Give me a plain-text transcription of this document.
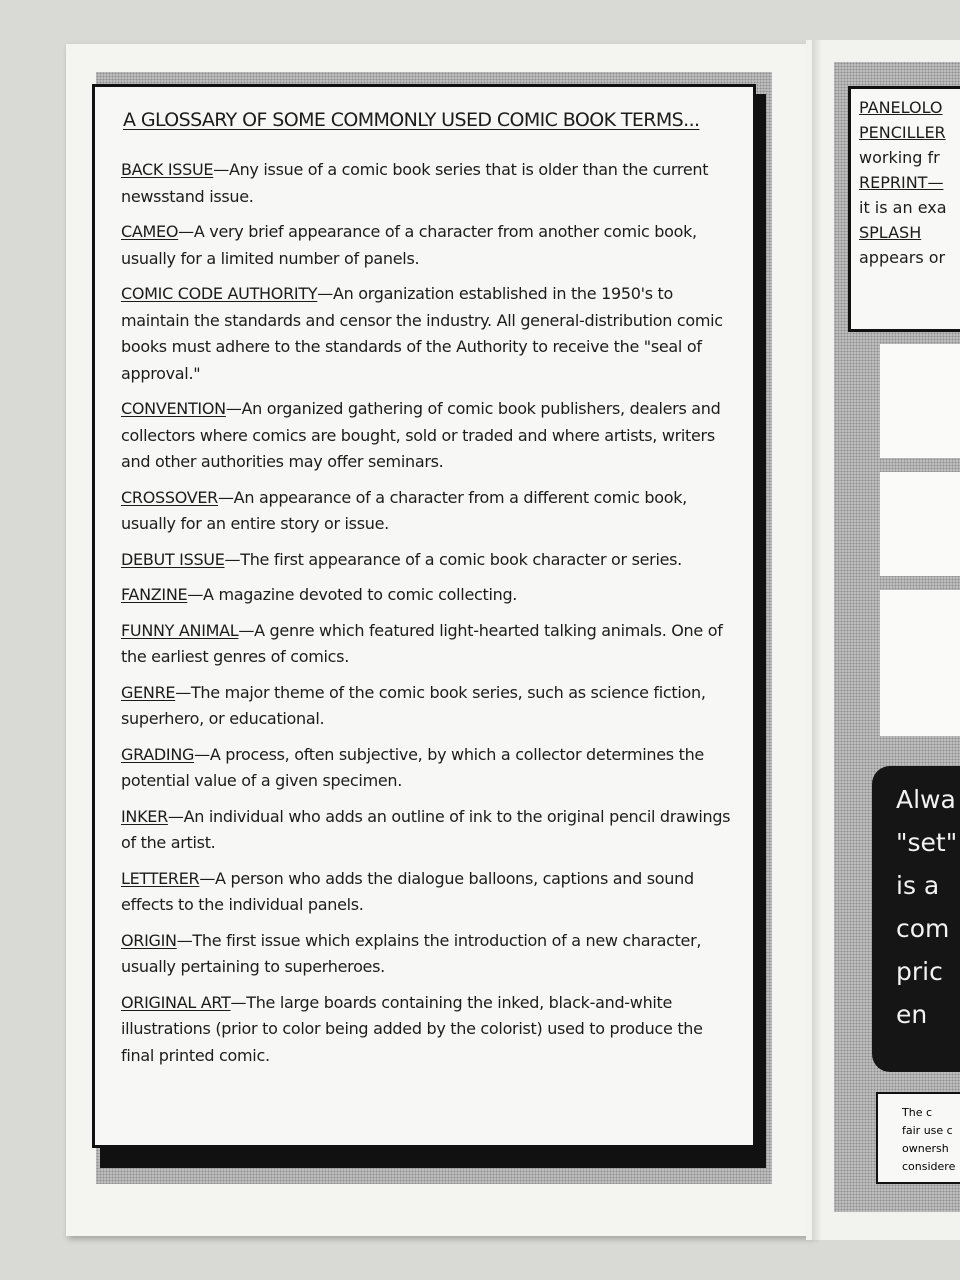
A GLOSSARY OF SOME COMMONLY USED COMIC BOOK TERMS...

BACK ISSUE—Any issue of a comic book series that is older than the current newsstand issue.

CAMEO—A very brief appearance of a character from another comic book, usually for a limited number of panels.

COMIC CODE AUTHORITY—An organization established in the 1950's to maintain the standards and censor the industry. All general-distribution comic books must adhere to the standards of the Authority to receive the "seal of approval."

CONVENTION—An organized gathering of comic book publishers, dealers and collectors where comics are bought, sold or traded and where artists, writers and other authorities may offer seminars.

CROSSOVER—An appearance of a character from a different comic book, usually for an entire story or issue.

DEBUT ISSUE—The first appearance of a comic book character or series.

FANZINE—A magazine devoted to comic collecting.

FUNNY ANIMAL—A genre which featured light-hearted talking animals. One of the earliest genres of comics.

GENRE—The major theme of the comic book series, such as science fiction, superhero, or educational.

GRADING—A process, often subjective, by which a collector determines the potential value of a given specimen.

INKER—An individual who adds an outline of ink to the original pencil drawings of the artist.

LETTERER—A person who adds the dialogue balloons, captions and sound effects to the individual panels.

ORIGIN—The first issue which explains the introduction of a new character, usually pertaining to superheroes.

ORIGINAL ART—The large boards containing the inked, black-and-white illustrations (prior to color being added by the colorist) used to produce the final printed comic.

PANELOLO
PENCILLER
working fr
REPRINT—
it is an exa
SPLASH
appears or
Alwa
"set"
is a
com
pric
en
The c
fair use c
ownersh
considere
